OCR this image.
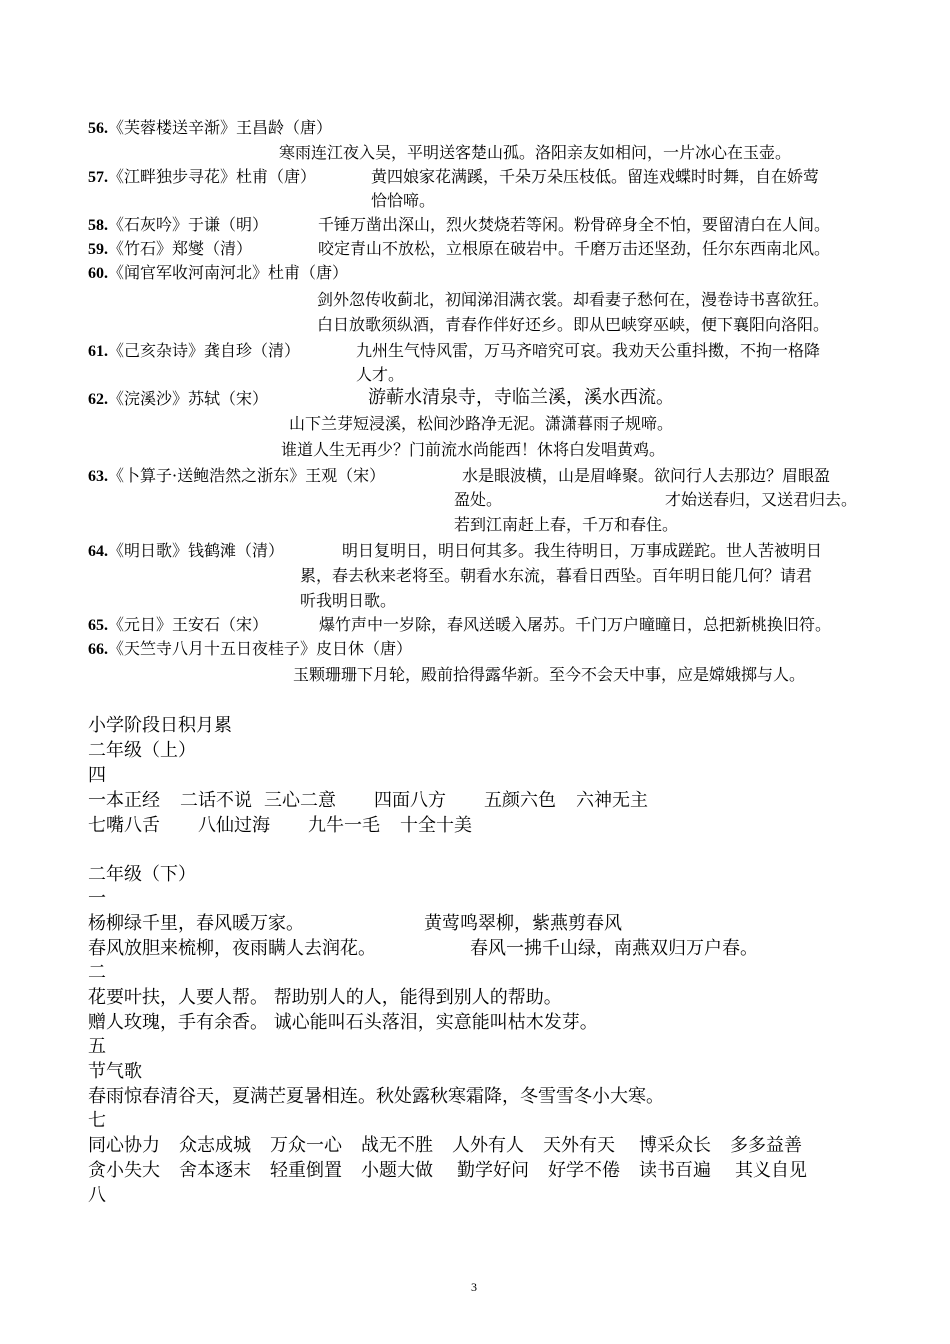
56.《芙蓉楼送辛渐》王昌龄（唐）
寒雨连江夜入吴，平明送客楚山孤。洛阳亲友如相问，一片冰心在玉壶。
57.《江畔独步寻花》杜甫（唐）	黄四娘家花满蹊，千朵万朵压枝低。留连戏蝶时时舞，自在娇莺
恰恰啼。
58.《石灰吟》于谦（明）	千锤万凿出深山，烈火焚烧若等闲。粉骨碎身全不怕，要留清白在人间。
59.《竹石》郑燮（清）	咬定青山不放松，立根原在破岩中。千磨万击还坚劲，任尔东西南北风。
60.《闻官军收河南河北》杜甫（唐）
剑外忽传收蓟北，初闻涕泪满衣裳。却看妻子愁何在，漫卷诗书喜欲狂。
白日放歌须纵酒，青春作伴好还乡。即从巴峡穿巫峡，便下襄阳向洛阳。
61.《己亥杂诗》龚自珍（清）	九州生气恃风雷，万马齐喑究可哀。我劝天公重抖擞，不拘一格降
人才。
62.《浣溪沙》苏轼（宋）	游蕲水清泉寺，寺临兰溪，溪水西流。
山下兰芽短浸溪，松间沙路净无泥。潇潇暮雨子规啼。
谁道人生无再少？门前流水尚能西！休将白发唱黄鸡。
63.《卜算子·送鲍浩然之浙东》王观（宋）	水是眼波横，山是眉峰聚。欲问行人去那边？眉眼盈
盈处。	才始送春归，又送君归去。
若到江南赶上春，千万和春住。
64.《明日歌》钱鹤滩（清）	明日复明日，明日何其多。我生待明日，万事成蹉跎。世人苦被明日
累，春去秋来老将至。朝看水东流，暮看日西坠。百年明日能几何？请君
听我明日歌。
65.《元日》王安石（宋）	爆竹声中一岁除，春风送暖入屠苏。千门万户曈曈日，总把新桃换旧符。
66.《天竺寺八月十五日夜桂子》皮日休（唐）
玉颗珊珊下月轮，殿前拾得露华新。至今不会天中事，应是嫦娥掷与人。
小学阶段日积月累
二年级（上）
四
一本正经 二话不说 三心二意 四面八方 五颜六色 六神无主
七嘴八舌 八仙过海 九牛一毛 十全十美
二年级（下）
一
杨柳绿千里，春风暖万家。	黄莺鸣翠柳，紫燕剪春风
春风放胆来梳柳，夜雨瞒人去润花。	春风一拂千山绿，南燕双归万户春。
二
花要叶扶，人要人帮。 帮助别人的人，能得到别人的帮助。
赠人玫瑰，手有余香。 诚心能叫石头落泪，实意能叫枯木发芽。
五
节气歌
春雨惊春清谷天，夏满芒夏暑相连。秋处露秋寒霜降，冬雪雪冬小大寒。
七
同心协力 众志成城 万众一心 战无不胜 人外有人 天外有天 博采众长 多多益善
贪小失大 舍本逐末 轻重倒置 小题大做 勤学好问 好学不倦 读书百遍 其义自见
八
3
